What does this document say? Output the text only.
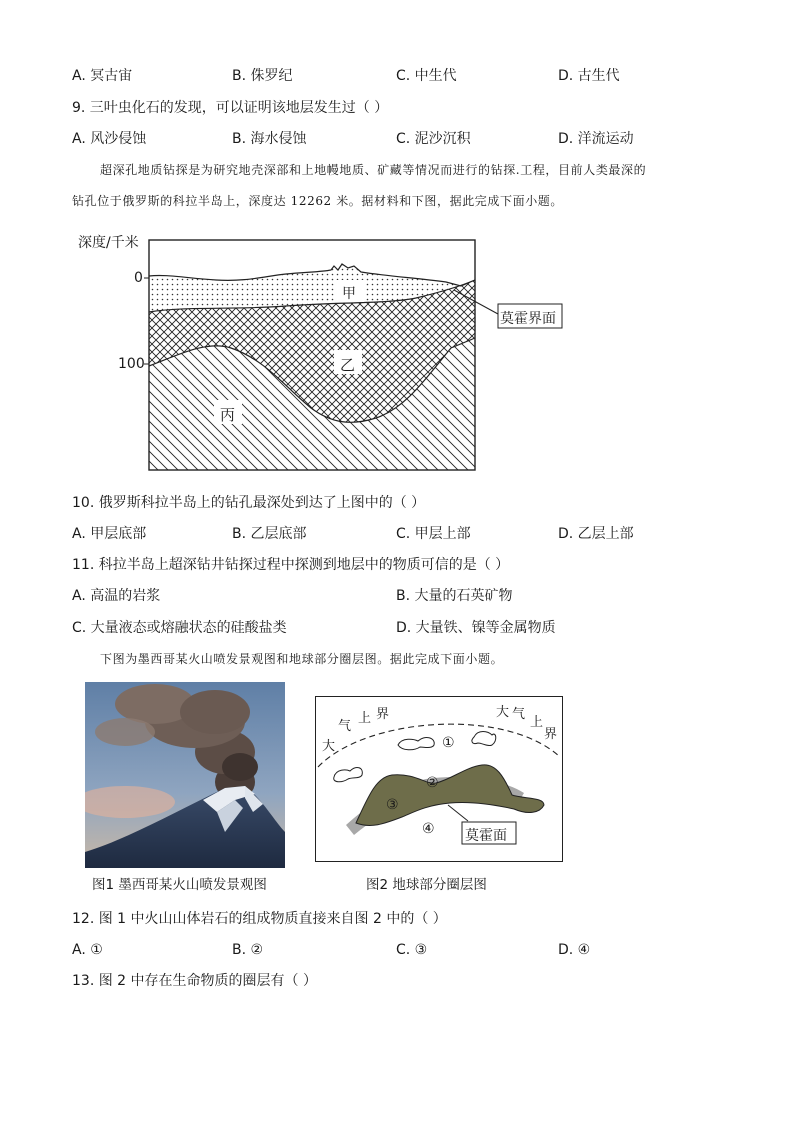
A. 冥古宙	B. 侏罗纪	C. 中生代	D. 古生代
9. 三叶虫化石的发现，可以证明该地层发生过（ ）
A. 风沙侵蚀	B. 海水侵蚀	C. 泥沙沉积	D. 洋流运动
超深孔地质钻探是为研究地壳深部和上地幔地质、矿藏等情况而进行的钻探.工程，目前人类最深的
钻孔位于俄罗斯的科拉半岛上，深度达 12262 米。据材料和下图，据此完成下面小题。
深度/千米
0
100
甲
乙
丙
莫霍界面
10. 俄罗斯科拉半岛上的钻孔最深处到达了上图中的（ ）
A. 甲层底部	B. 乙层底部	C. 甲层上部	D. 乙层上部
11. 科拉半岛上超深钻井钻探过程中探测到地层中的物质可信的是（ ）
A. 高温的岩浆	B. 大量的石英矿物
C. 大量液态或熔融状态的硅酸盐类	D. 大量铁、镍等金属物质
下图为墨西哥某火山喷发景观图和地球部分圈层图。据此完成下面小题。
大
气
上 界	大 气
上
界
①
②
③
④ 莫霍面
图1 墨西哥某火山喷发景观图	图2 地球部分圈层图
12. 图 1 中火山山体岩石的组成物质直接来自图 2 中的（ ）
A. ①	B. ②	C. ③	D. ④
13. 图 2 中存在生命物质的圈层有（ ）
